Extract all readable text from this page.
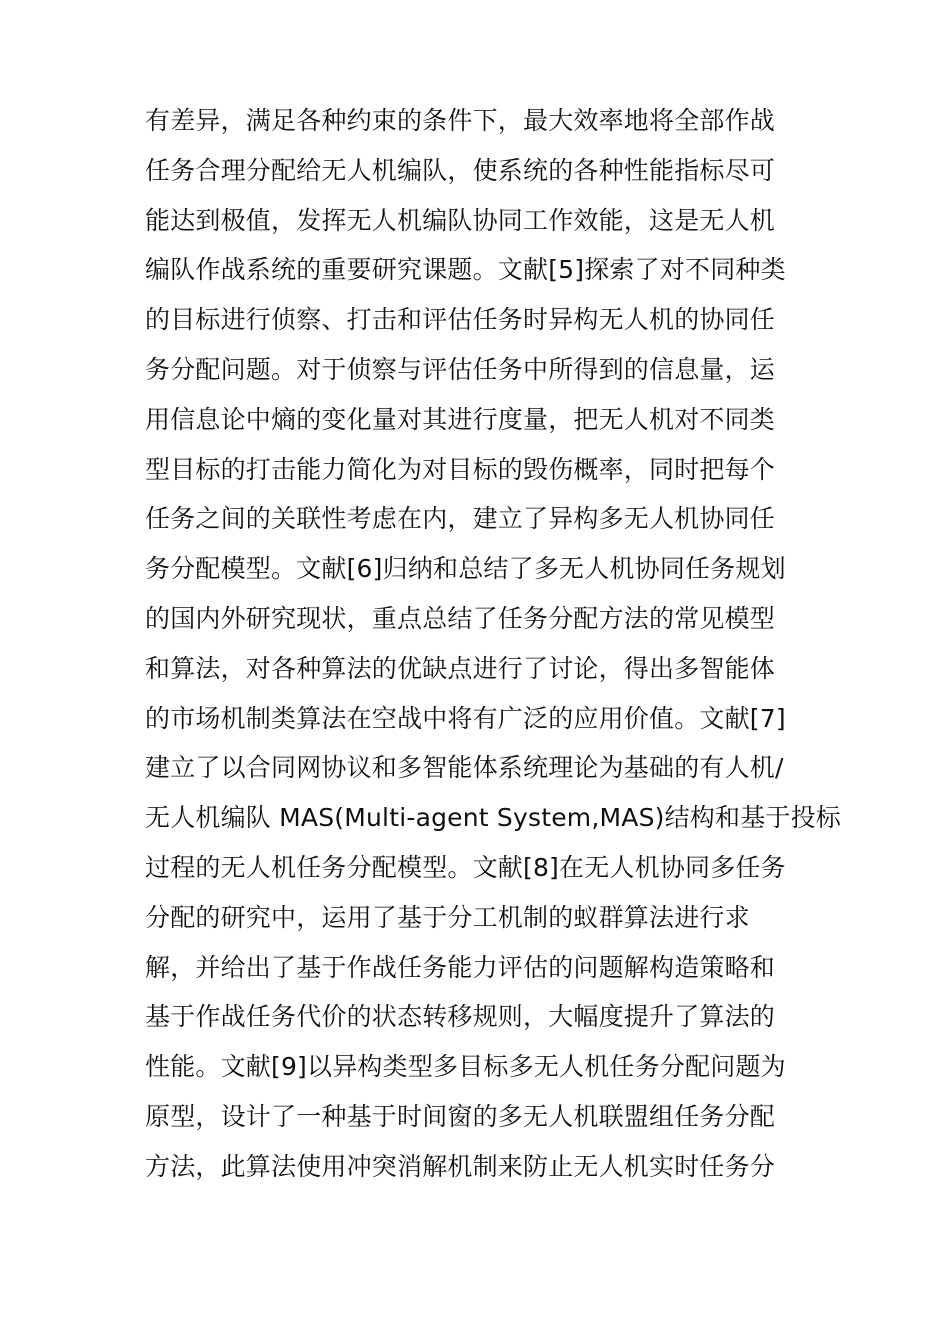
有差异，满足各种约束的条件下，最大效率地将全部作战
任务合理分配给无人机编队，使系统的各种性能指标尽可
能达到极值，发挥无人机编队协同工作效能，这是无人机
编队作战系统的重要研究课题。文献[5]探索了对不同种类
的目标进行侦察、打击和评估任务时异构无人机的协同任
务分配问题。对于侦察与评估任务中所得到的信息量，运
用信息论中熵的变化量对其进行度量，把无人机对不同类
型目标的打击能力简化为对目标的毁伤概率，同时把每个
任务之间的关联性考虑在内，建立了异构多无人机协同任
务分配模型。文献[6]归纳和总结了多无人机协同任务规划
的国内外研究现状，重点总结了任务分配方法的常见模型
和算法，对各种算法的优缺点进行了讨论，得出多智能体
的市场机制类算法在空战中将有广泛的应用价值。文献[7]
建立了以合同网协议和多智能体系统理论为基础的有人机/
无人机编队 MAS(Multi-agent System,MAS)结构和基于投标
过程的无人机任务分配模型。文献[8]在无人机协同多任务
分配的研究中，运用了基于分工机制的蚁群算法进行求
解，并给出了基于作战任务能力评估的问题解构造策略和
基于作战任务代价的状态转移规则，大幅度提升了算法的
性能。文献[9]以异构类型多目标多无人机任务分配问题为
原型，设计了一种基于时间窗的多无人机联盟组任务分配
方法，此算法使用冲突消解机制来防止无人机实时任务分
